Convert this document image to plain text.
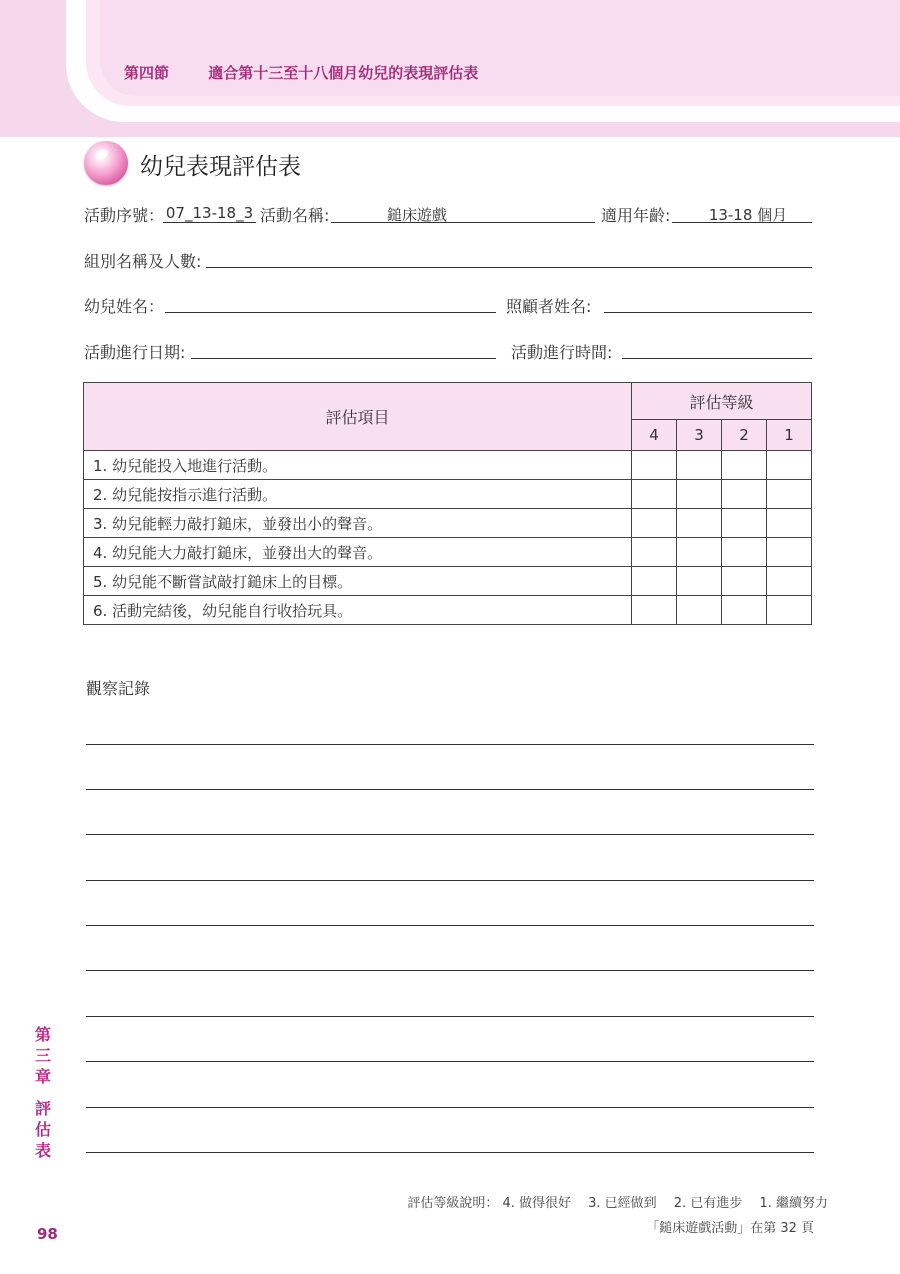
第四節	適合第十三至十八個月幼兒的表現評估表
幼兒表現評估表
活動序號： 07_13-18_3 活動名稱:	鎚床遊戲	適用年齡:	13-18 個月
組別名稱及人數:
幼兒姓名：	照顧者姓名:
活動進行日期:	活動進行時間:
評估項目	評估等級			
	4	3	2	1
1. 幼兒能投入地進行活動。				
2. 幼兒能按指示進行活動。				
3. 幼兒能輕力敲打鎚床，並發出小的聲音。				
4. 幼兒能大力敲打鎚床，並發出大的聲音。				
5. 幼兒能不斷嘗試敲打鎚床上的目標。				
6. 活動完結後，幼兒能自行收拾玩具。				
觀察記錄
第
三
章
評
估
表
98
評估等級說明： 4. 做得很好　 3. 已經做到　 2. 已有進步　 1. 繼續努力
「鎚床遊戲活動」在第 32 頁
